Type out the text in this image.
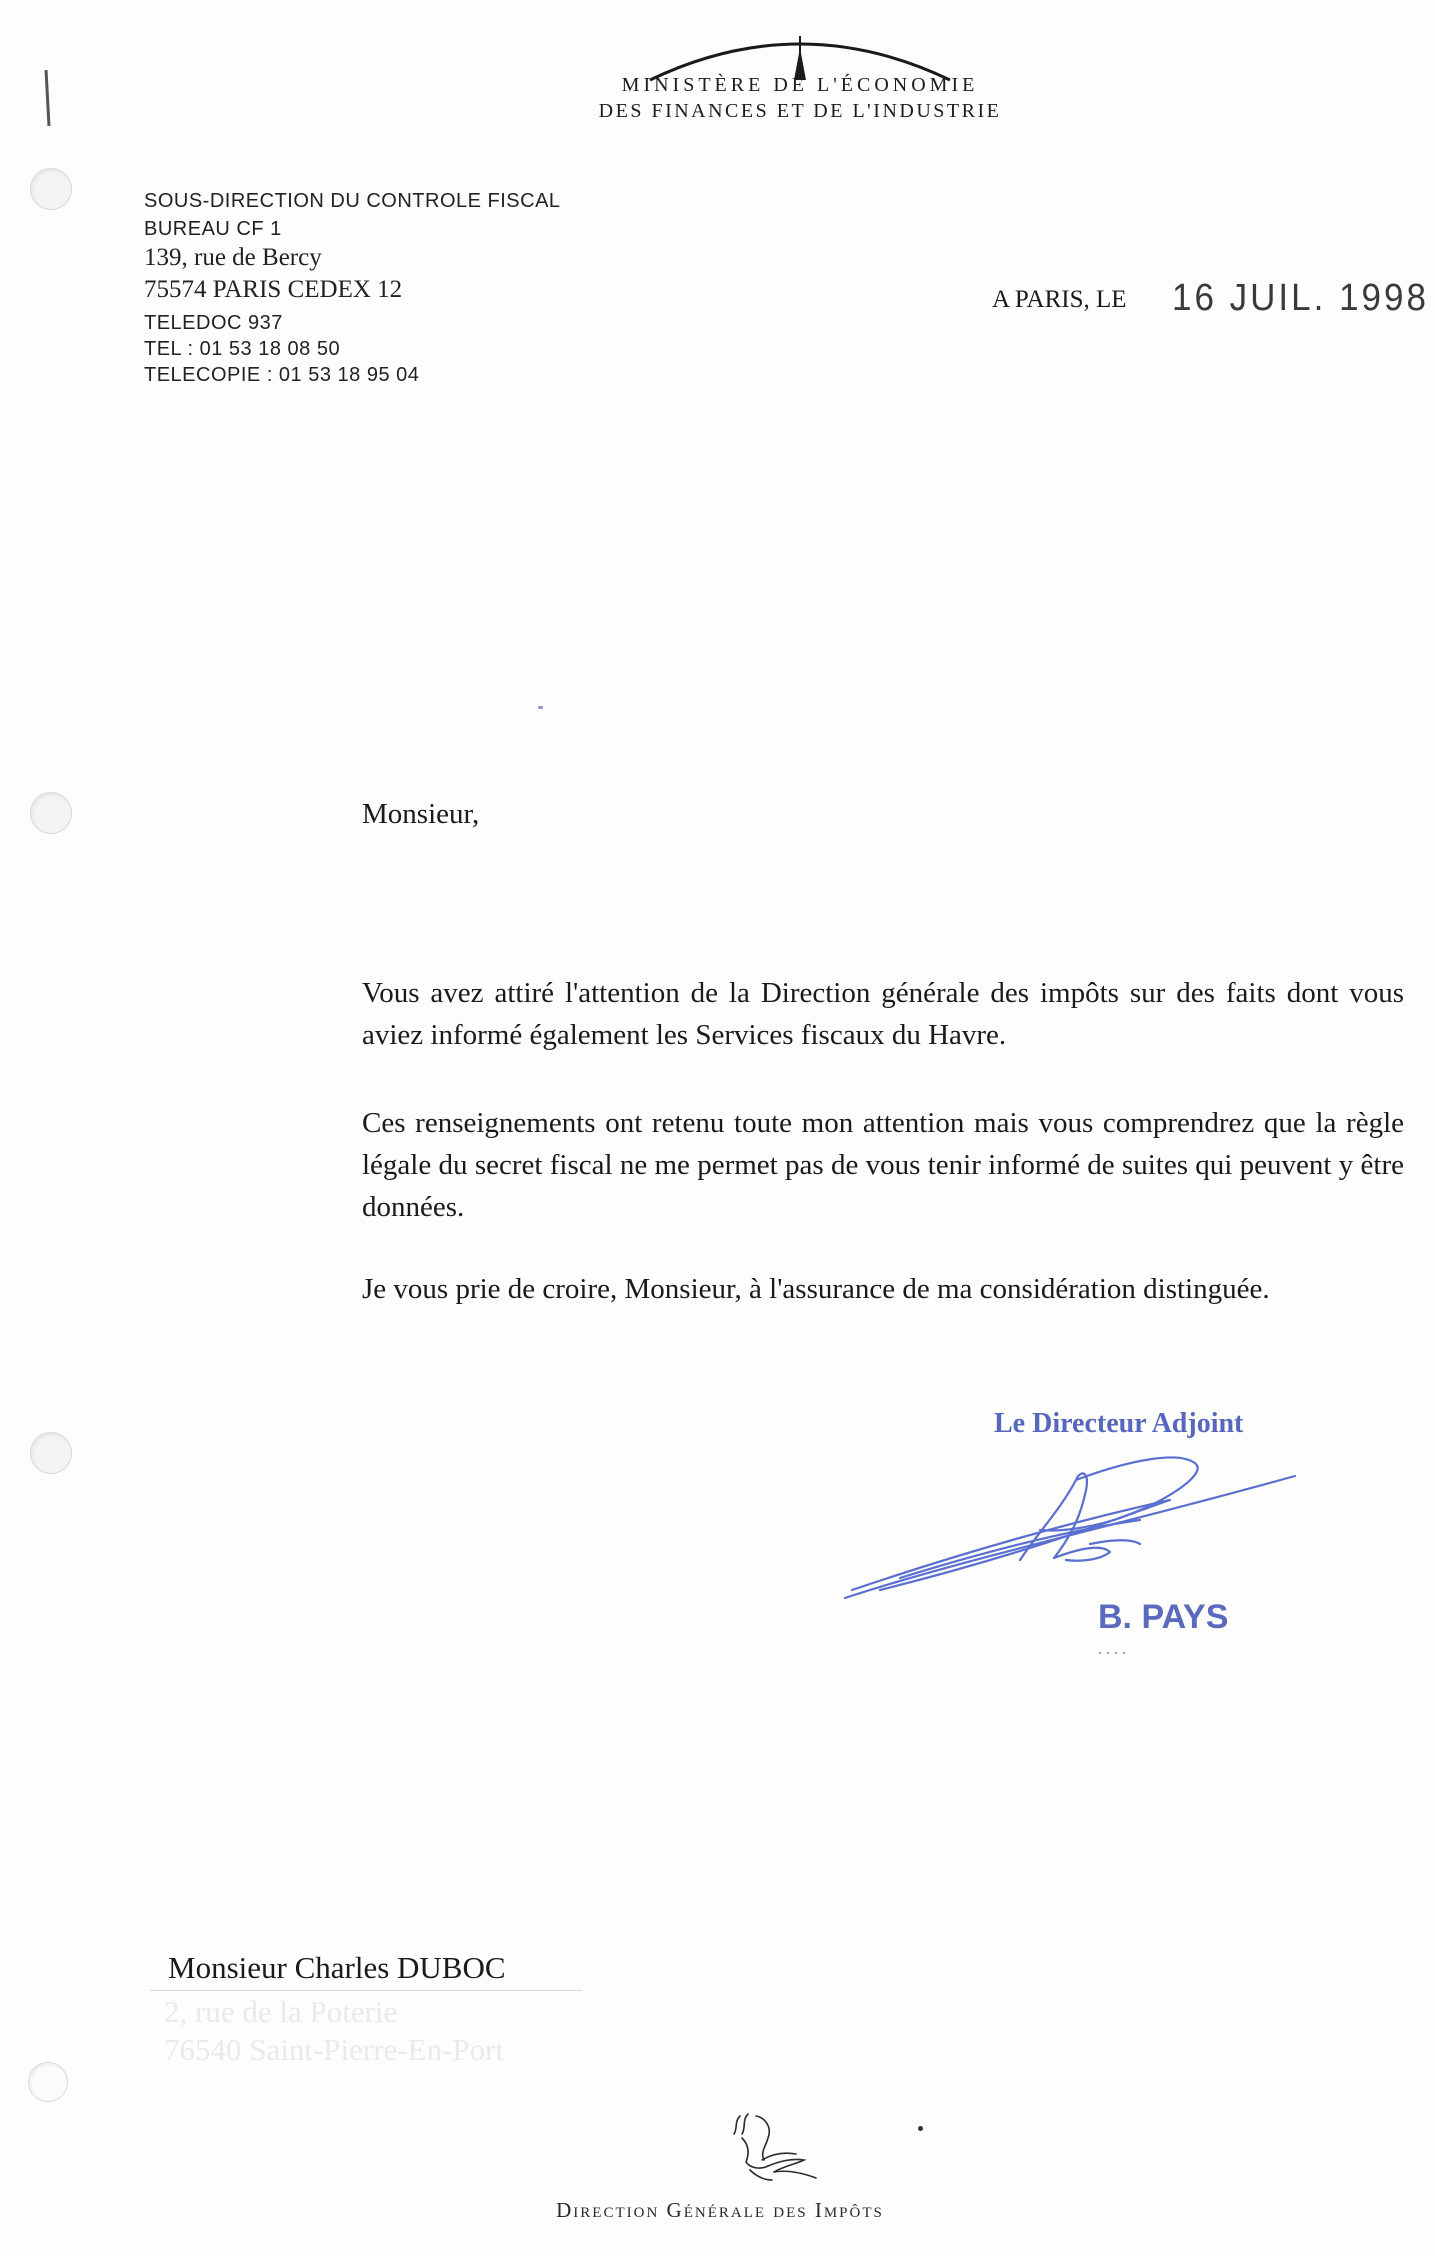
MINISTÈRE DE L'ÉCONOMIE
DES FINANCES ET DE L'INDUSTRIE
SOUS-DIRECTION DU CONTROLE FISCAL
BUREAU CF 1
139, rue de Bercy
75574 PARIS CEDEX 12
TELEDOC 937
TEL : 01 53 18 08 50
TELECOPIE : 01 53 18 95 04
A PARIS, LE 16 JUIL. 1998
Monsieur,
Vous avez attiré l'attention de la Direction générale des impôts sur des faits dont vous aviez informé également les Services fiscaux du Havre.
Ces renseignements ont retenu toute mon attention mais vous comprendrez que la règle légale du secret fiscal ne me permet pas de vous tenir informé de suites qui peuvent y être données.
Je vous prie de croire, Monsieur, à l'assurance de ma considération distinguée.
Le Directeur Adjoint
B. PAYS
Monsieur Charles DUBOC
2, rue de la Poterie
76540 Saint-Pierre-En-Port
Direction Générale des Impôts
